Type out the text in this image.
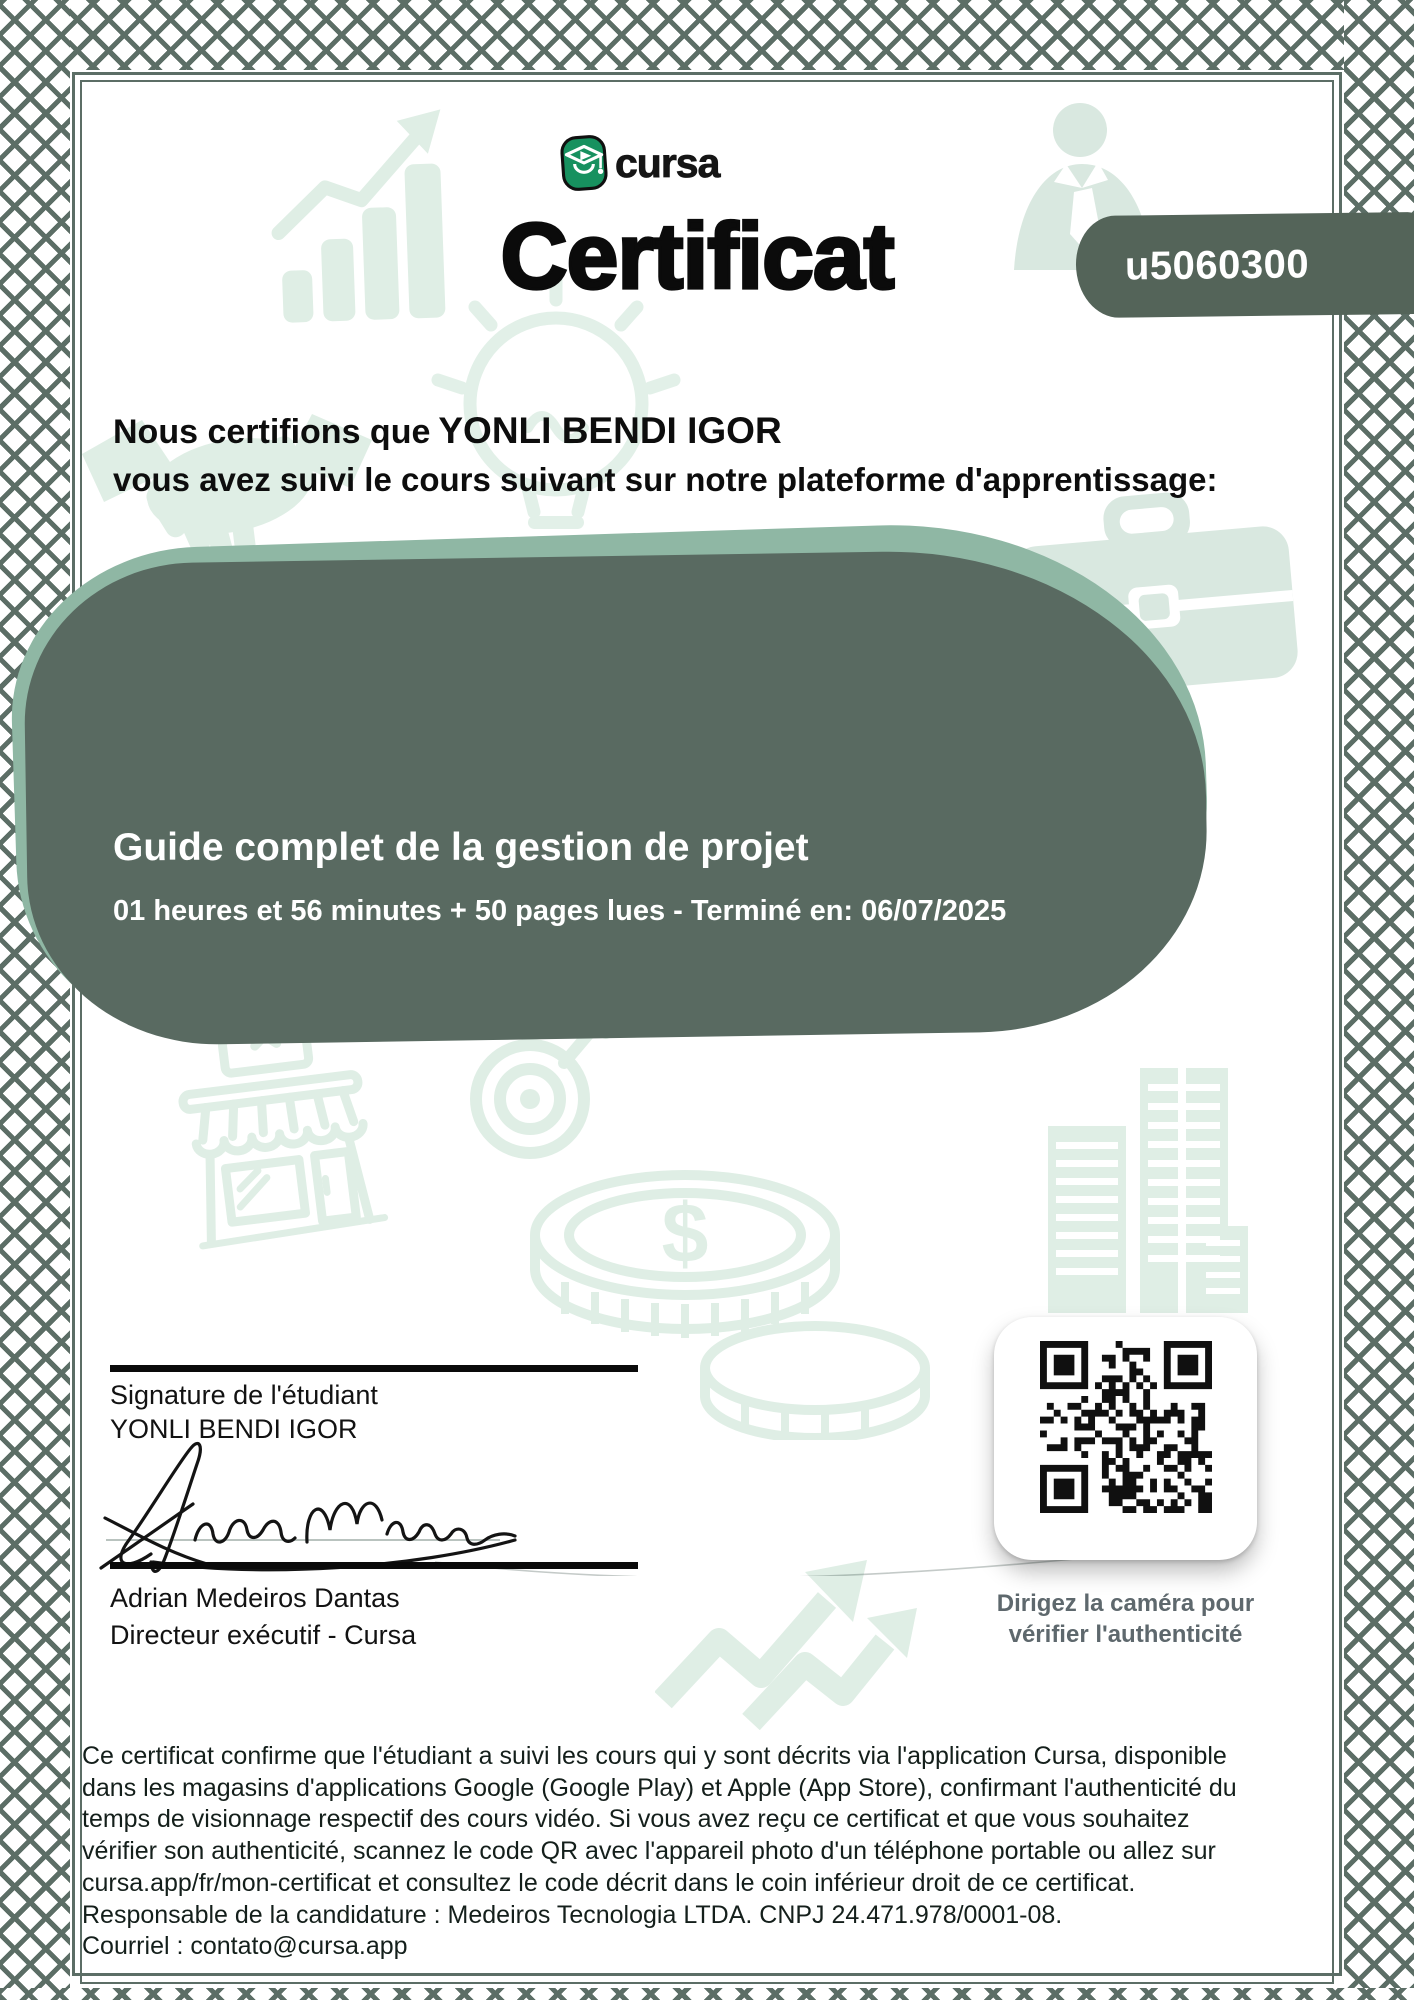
$
cursa
Certificat	u5060300
Nous certifions que YONLI BENDI IGOR
vous avez suivi le cours suivant sur notre plateforme d'apprentissage:
Guide complet de la gestion de projet
01 heures et 56 minutes + 50 pages lues - Terminé en: 06/07/2025
Signature de l'étudiant
YONLI BENDI IGOR
Adrian Medeiros Dantas
Directeur exécutif - Cursa
Dirigez la caméra pour
vérifier l'authenticité
Ce certificat confirme que l'étudiant a suivi les cours qui y sont décrits via l'application Cursa, disponible
dans les magasins d'applications Google (Google Play) et Apple (App Store), confirmant l'authenticité du
temps de visionnage respectif des cours vidéo. Si vous avez reçu ce certificat et que vous souhaitez
vérifier son authenticité, scannez le code QR avec l'appareil photo d'un téléphone portable ou allez sur
cursa.app/fr/mon-certificat et consultez le code décrit dans le coin inférieur droit de ce certificat.
Responsable de la candidature : Medeiros Tecnologia LTDA. CNPJ 24.471.978/0001-08.
Courriel : contato@cursa.app
